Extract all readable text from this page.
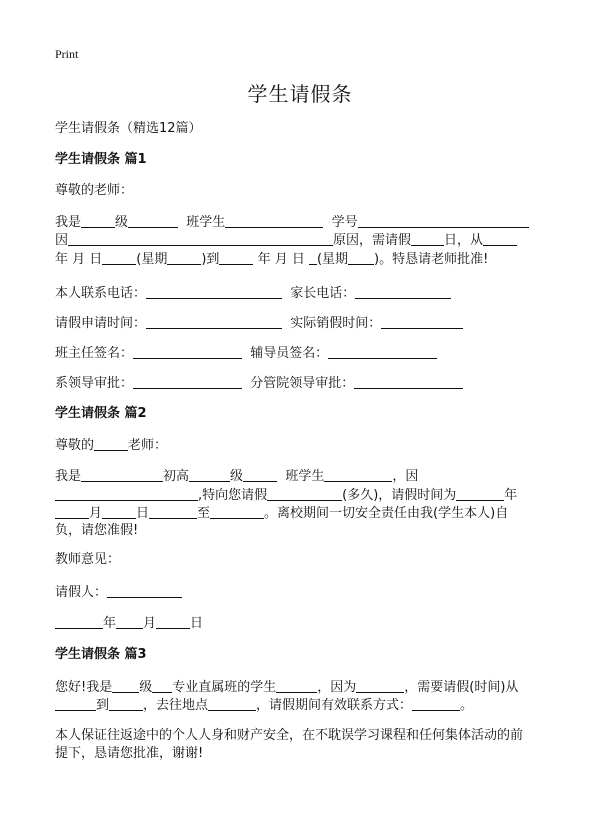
Print
学生请假条
学生请假条（精选12篇）
学生请假条 篇1
尊敬的老师：
我是	级	班学生	学号
因	原因，需请假	日，从
年 月 日	(星期	)到	年 月 日 (星期 )。特恳请老师批准!
本人联系电话：	家长电话：
请假申请时间：	实际销假时间：
班主任签名：	辅导员签名：
系领导审批：	分管院领导审批：
学生请假条 篇2
尊敬的	老师：
我是	初高	级	班学生	，因
,特向您请假	(多久)，请假时间为	年
月	日	至	。离校期间一切安全责任由我(学生本人)自
负，请您准假!
教师意见：
请假人：
年 月	日
学生请假条 篇3
您好!我是 级 专业直属班的学生	，因为	，需要请假(时间)从
到	，去往地点	，请假期间有效联系方式：	。
本人保证往返途中的个人人身和财产安全，在不耽误学习课程和任何集体活动的前
提下，恳请您批准，谢谢!
